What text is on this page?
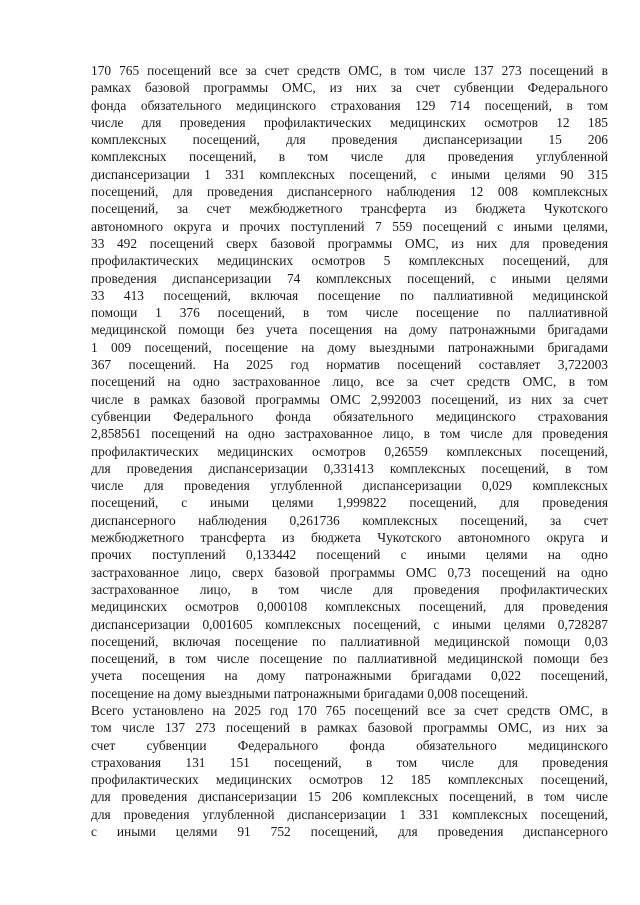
170 765 посещений все за счет средств ОМС, в том числе 137 273 посещений в
рамках базовой программы ОМС, из них за счет субвенции Федерального
фонда обязательного медицинского страхования 129 714 посещений, в том
числе для проведения профилактических медицинских осмотров 12 185
комплексных посещений, для проведения диспансеризации 15 206
комплексных посещений, в том числе для проведения углубленной
диспансеризации 1 331 комплексных посещений, с иными целями 90 315
посещений, для проведения диспансерного наблюдения 12 008 комплексных
посещений, за счет межбюджетного трансферта из бюджета Чукотского
автономного округа и прочих поступлений 7 559 посещений с иными целями,
33 492 посещений сверх базовой программы ОМС, из них для проведения
профилактических медицинских осмотров 5 комплексных посещений, для
проведения диспансеризации 74 комплексных посещений, с иными целями
33 413 посещений, включая посещение по паллиативной медицинской
помощи 1 376 посещений, в том числе посещение по паллиативной
медицинской помощи без учета посещения на дому патронажными бригадами
1 009 посещений, посещение на дому выездными патронажными бригадами
367 посещений. На 2025 год норматив посещений составляет 3,722003
посещений на одно застрахованное лицо, все за счет средств ОМС, в том
числе в рамках базовой программы ОМС 2,992003 посещений, из них за счет
субвенции Федерального фонда обязательного медицинского страхования
2,858561 посещений на одно застрахованное лицо, в том числе для проведения
профилактических медицинских осмотров 0,26559 комплексных посещений,
для проведения диспансеризации 0,331413 комплексных посещений, в том
числе для проведения углубленной диспансеризации 0,029 комплексных
посещений, с иными целями 1,999822 посещений, для проведения
диспансерного наблюдения 0,261736 комплексных посещений, за счет
межбюджетного трансферта из бюджета Чукотского автономного округа и
прочих поступлений 0,133442 посещений с иными целями на одно
застрахованное лицо, сверх базовой программы ОМС 0,73 посещений на одно
застрахованное лицо, в том числе для проведения профилактических
медицинских осмотров 0,000108 комплексных посещений, для проведения
диспансеризации 0,001605 комплексных посещений, с иными целями 0,728287
посещений, включая посещение по паллиативной медицинской помощи 0,03
посещений, в том числе посещение по паллиативной медицинской помощи без
учета посещения на дому патронажными бригадами 0,022 посещений,
посещение на дому выездными патронажными бригадами 0,008 посещений.
Всего установлено на 2025 год 170 765 посещений все за счет средств ОМС, в
том числе 137 273 посещений в рамках базовой программы ОМС, из них за
счет субвенции Федерального фонда обязательного медицинского
страхования 131 151 посещений, в том числе для проведения
профилактических медицинских осмотров 12 185 комплексных посещений,
для проведения диспансеризации 15 206 комплексных посещений, в том числе
для проведения углубленной диспансеризации 1 331 комплексных посещений,
с иными целями 91 752 посещений, для проведения диспансерного
